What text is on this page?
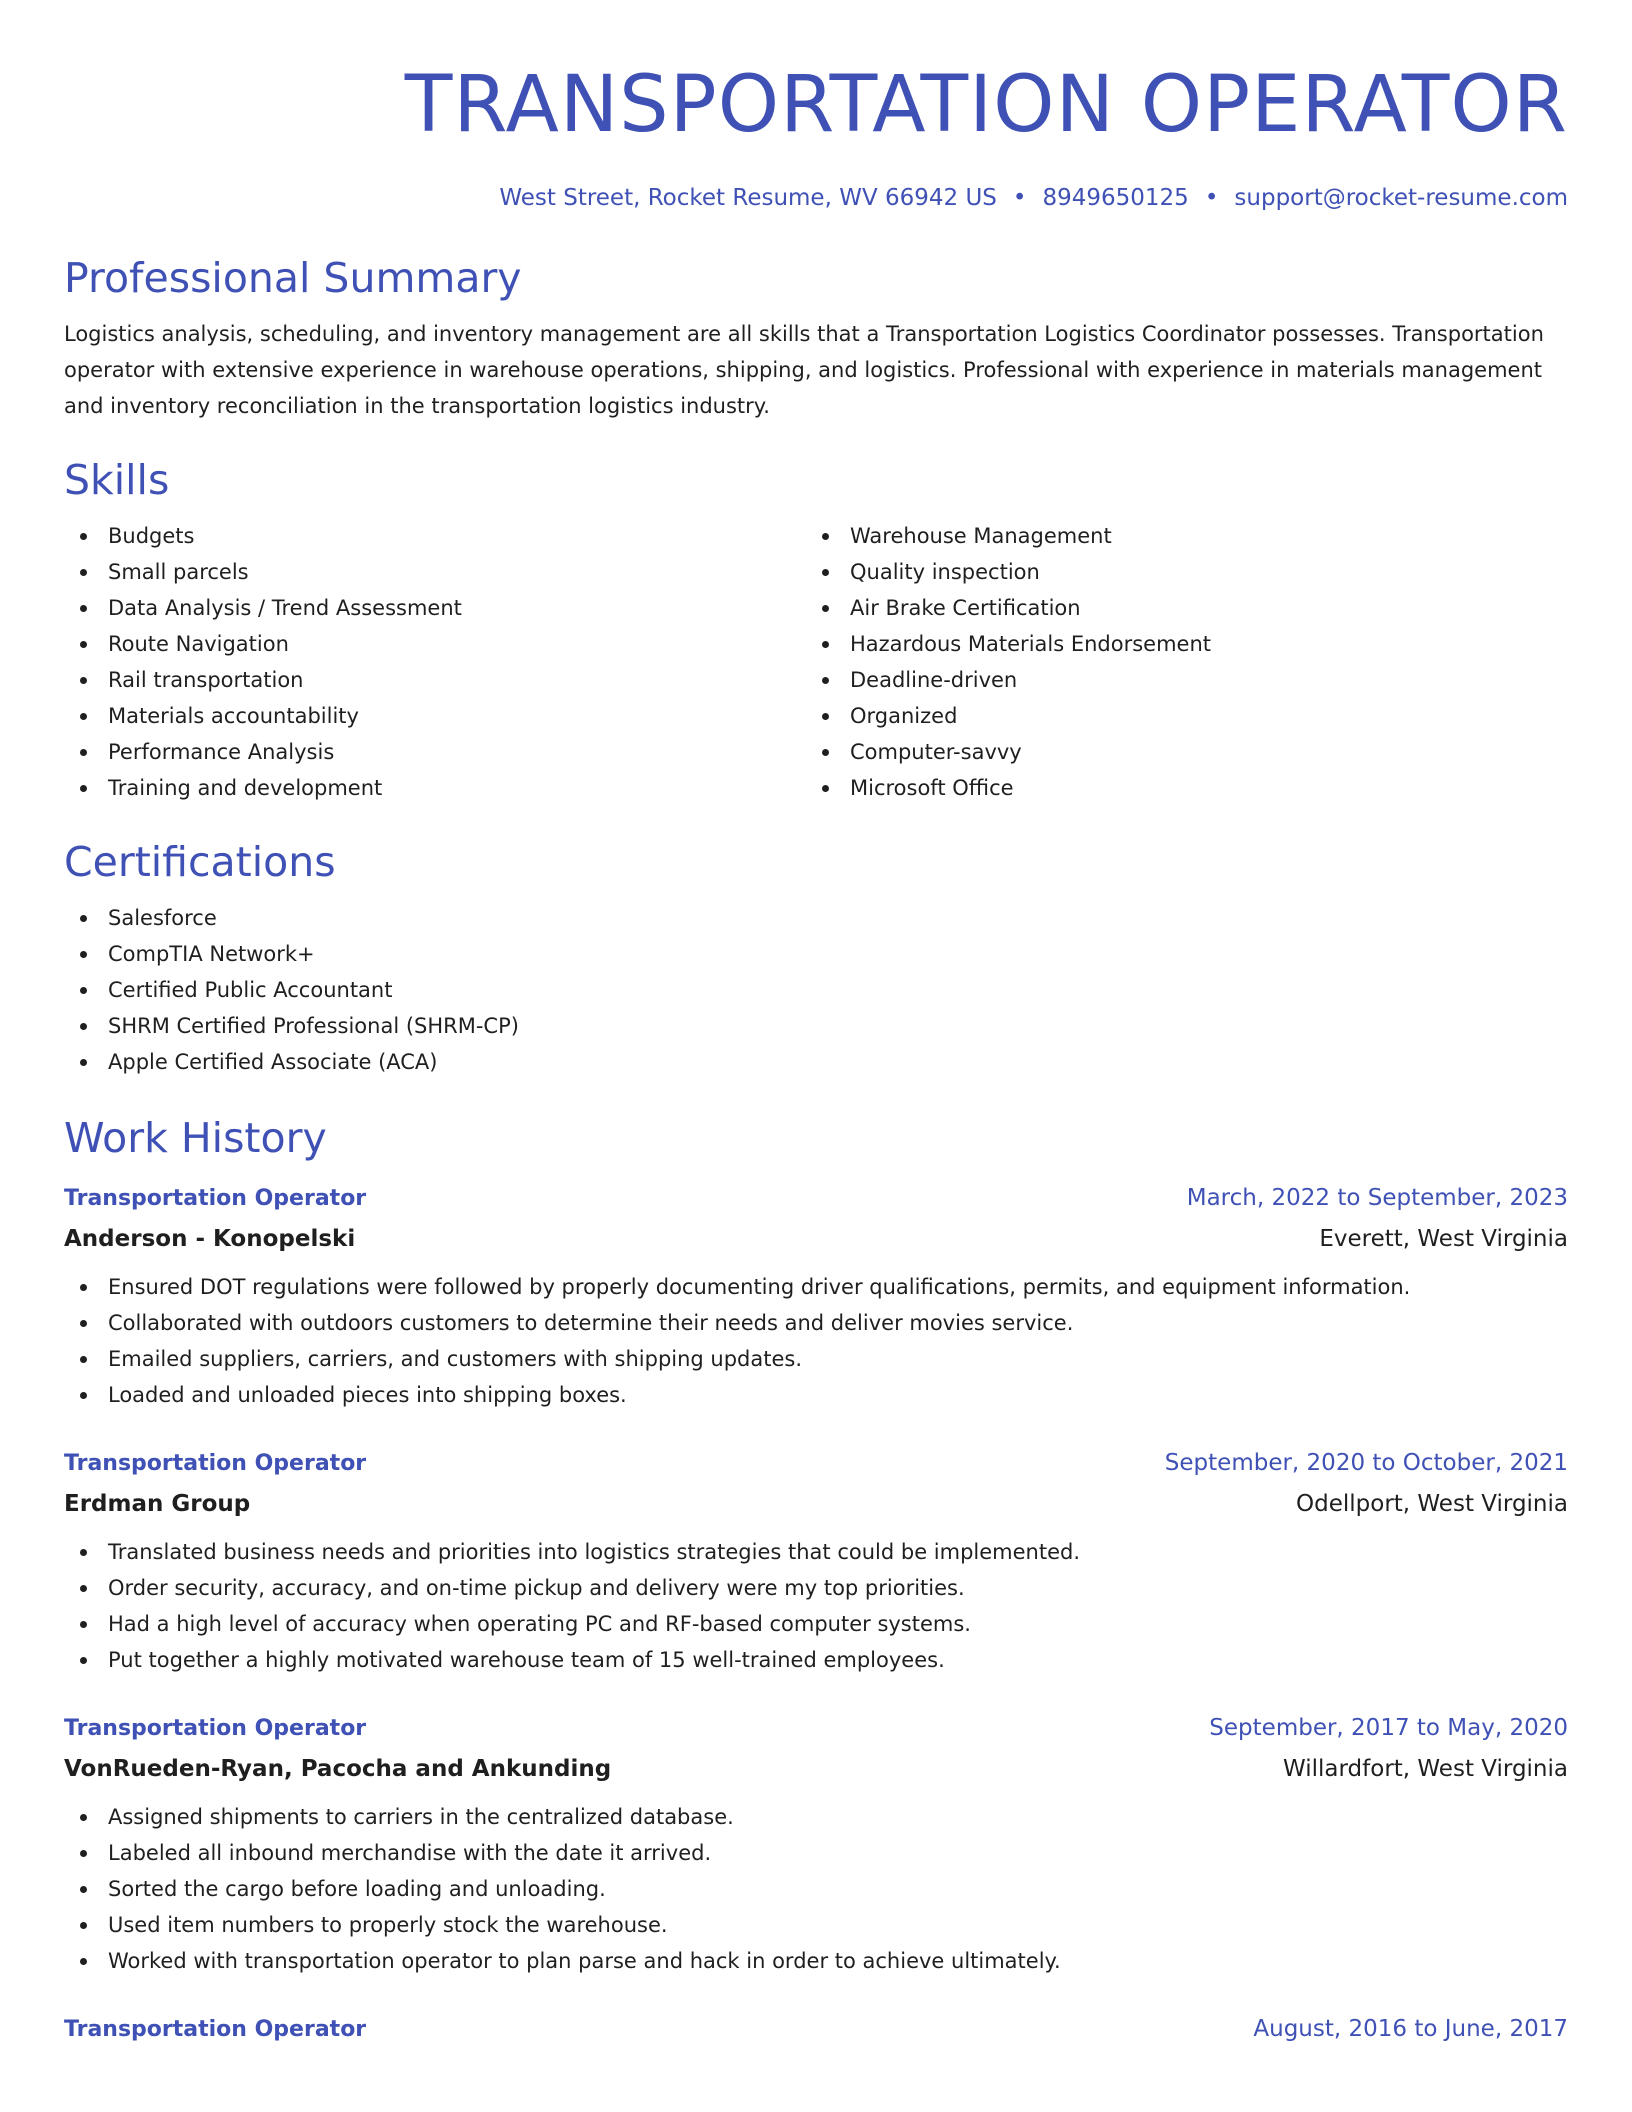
TRANSPORTATION OPERATOR
West Street, Rocket Resume, WV 66942 US • 8949650125 • support@rocket-resume.com
Professional Summary
Logistics analysis, scheduling, and inventory management are all skills that a Transportation Logistics Coordinator possesses. Transportation operator with extensive experience in warehouse operations, shipping, and logistics. Professional with experience in materials management and inventory reconciliation in the transportation logistics industry.
Skills
Budgets
Small parcels
Data Analysis / Trend Assessment
Route Navigation
Rail transportation
Materials accountability
Performance Analysis
Training and development
Warehouse Management
Quality inspection
Air Brake Certification
Hazardous Materials Endorsement
Deadline-driven
Organized
Computer-savvy
Microsoft Office
Certifications
Salesforce
CompTIA Network+
Certified Public Accountant
SHRM Certified Professional (SHRM-CP)
Apple Certified Associate (ACA)
Work History
Transportation Operator	March, 2022 to September, 2023
Anderson - Konopelski	Everett, West Virginia
Ensured DOT regulations were followed by properly documenting driver qualifications, permits, and equipment information.
Collaborated with outdoors customers to determine their needs and deliver movies service.
Emailed suppliers, carriers, and customers with shipping updates.
Loaded and unloaded pieces into shipping boxes.
Transportation Operator	September, 2020 to October, 2021
Erdman Group	Odellport, West Virginia
Translated business needs and priorities into logistics strategies that could be implemented.
Order security, accuracy, and on-time pickup and delivery were my top priorities.
Had a high level of accuracy when operating PC and RF-based computer systems.
Put together a highly motivated warehouse team of 15 well-trained employees.
Transportation Operator	September, 2017 to May, 2020
VonRueden-Ryan, Pacocha and Ankunding	Willardfort, West Virginia
Assigned shipments to carriers in the centralized database.
Labeled all inbound merchandise with the date it arrived.
Sorted the cargo before loading and unloading.
Used item numbers to properly stock the warehouse.
Worked with transportation operator to plan parse and hack in order to achieve ultimately.
Transportation Operator	August, 2016 to June, 2017
